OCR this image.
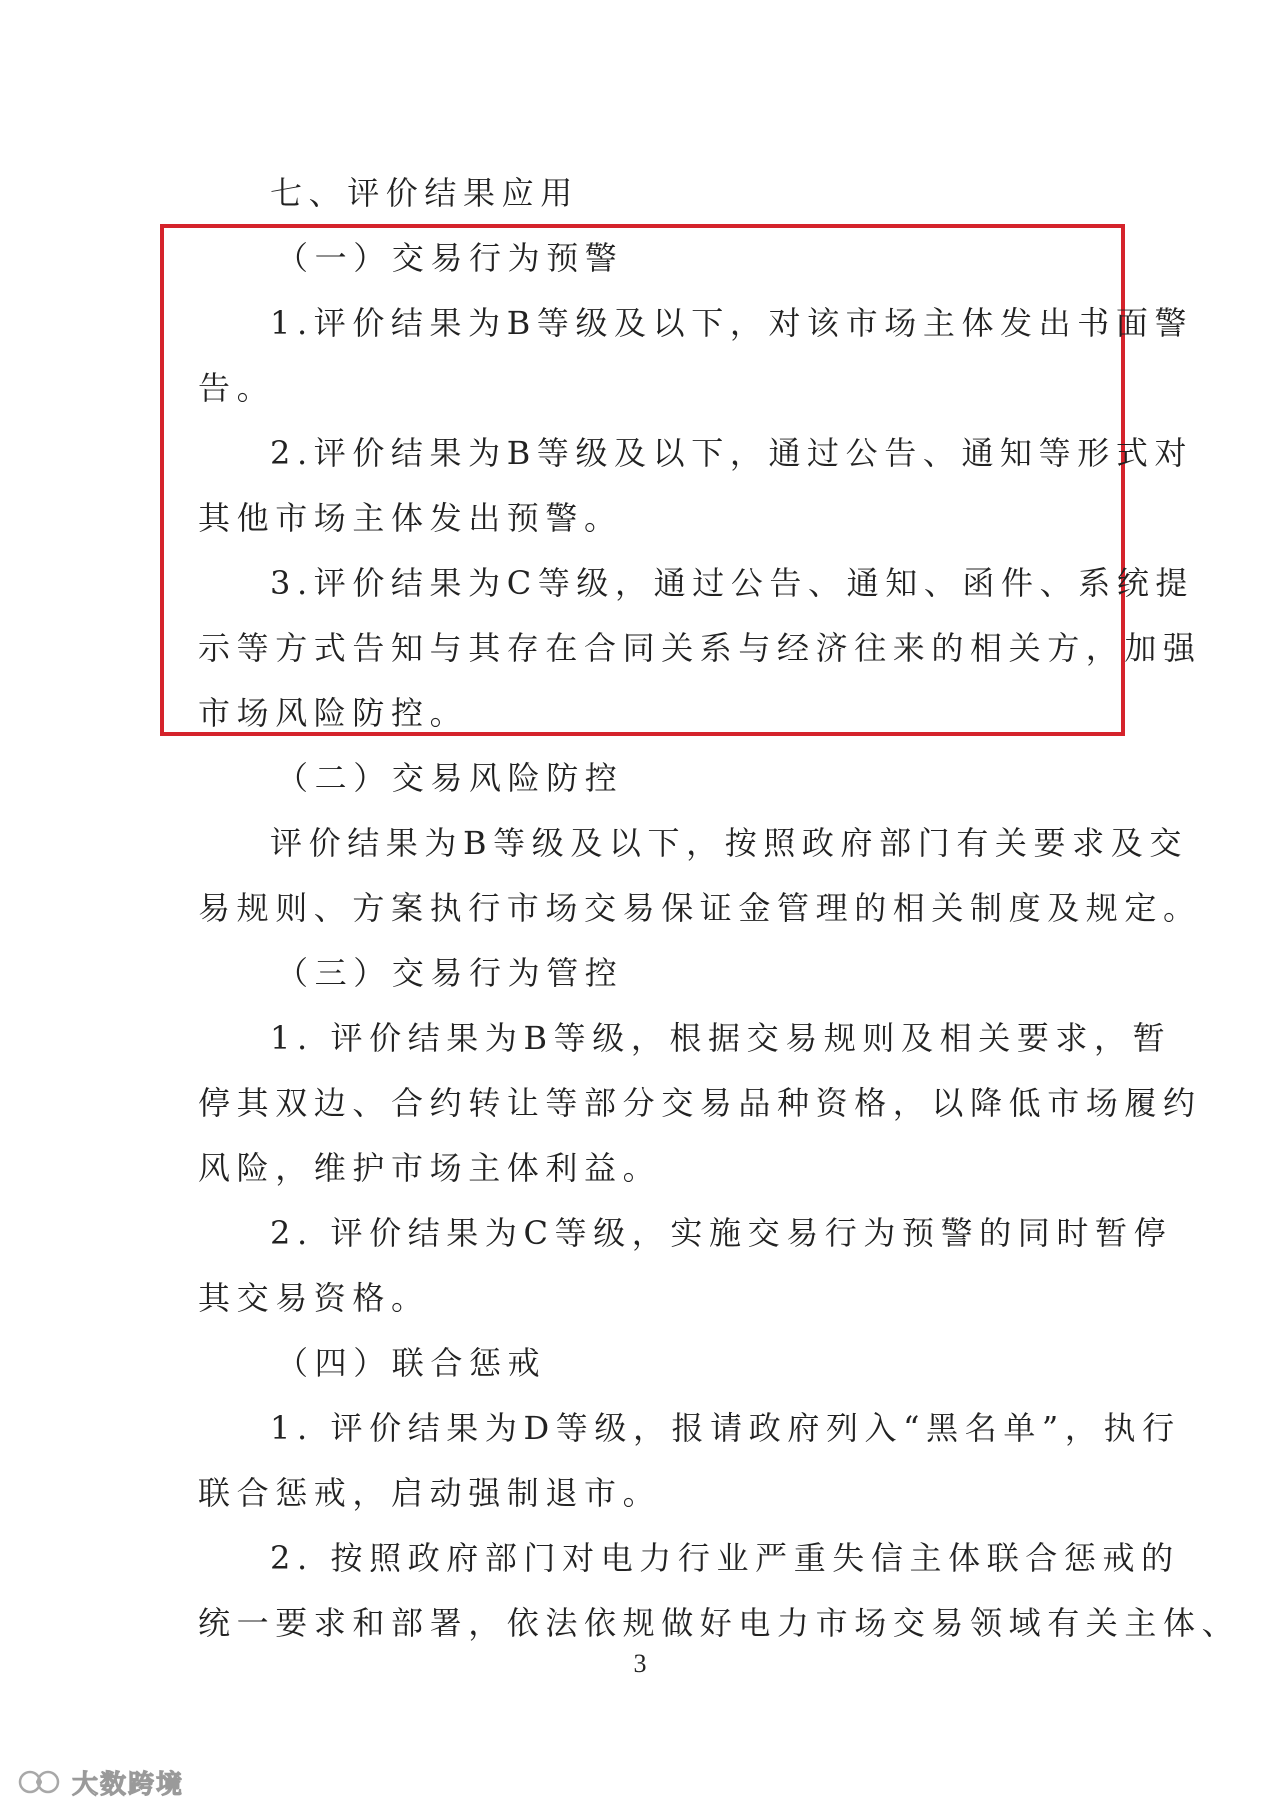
七、评价结果应用
（一）交易行为预警
1.评价结果为B等级及以下，对该市场主体发出书面警
告。
2.评价结果为B等级及以下，通过公告、通知等形式对
其他市场主体发出预警。
3.评价结果为C等级，通过公告、通知、函件、系统提
示等方式告知与其存在合同关系与经济往来的相关方，加强
市场风险防控。
（二）交易风险防控
评价结果为B等级及以下，按照政府部门有关要求及交
易规则、方案执行市场交易保证金管理的相关制度及规定。
（三）交易行为管控
1. 评价结果为B等级，根据交易规则及相关要求，暂
停其双边、合约转让等部分交易品种资格，以降低市场履约
风险，维护市场主体利益。
2. 评价结果为C等级，实施交易行为预警的同时暂停
其交易资格。
（四）联合惩戒
1. 评价结果为D等级，报请政府列入“黑名单”，执行
联合惩戒，启动强制退市。
2. 按照政府部门对电力行业严重失信主体联合惩戒的
统一要求和部署，依法依规做好电力市场交易领域有关主体、
3
大数跨境
